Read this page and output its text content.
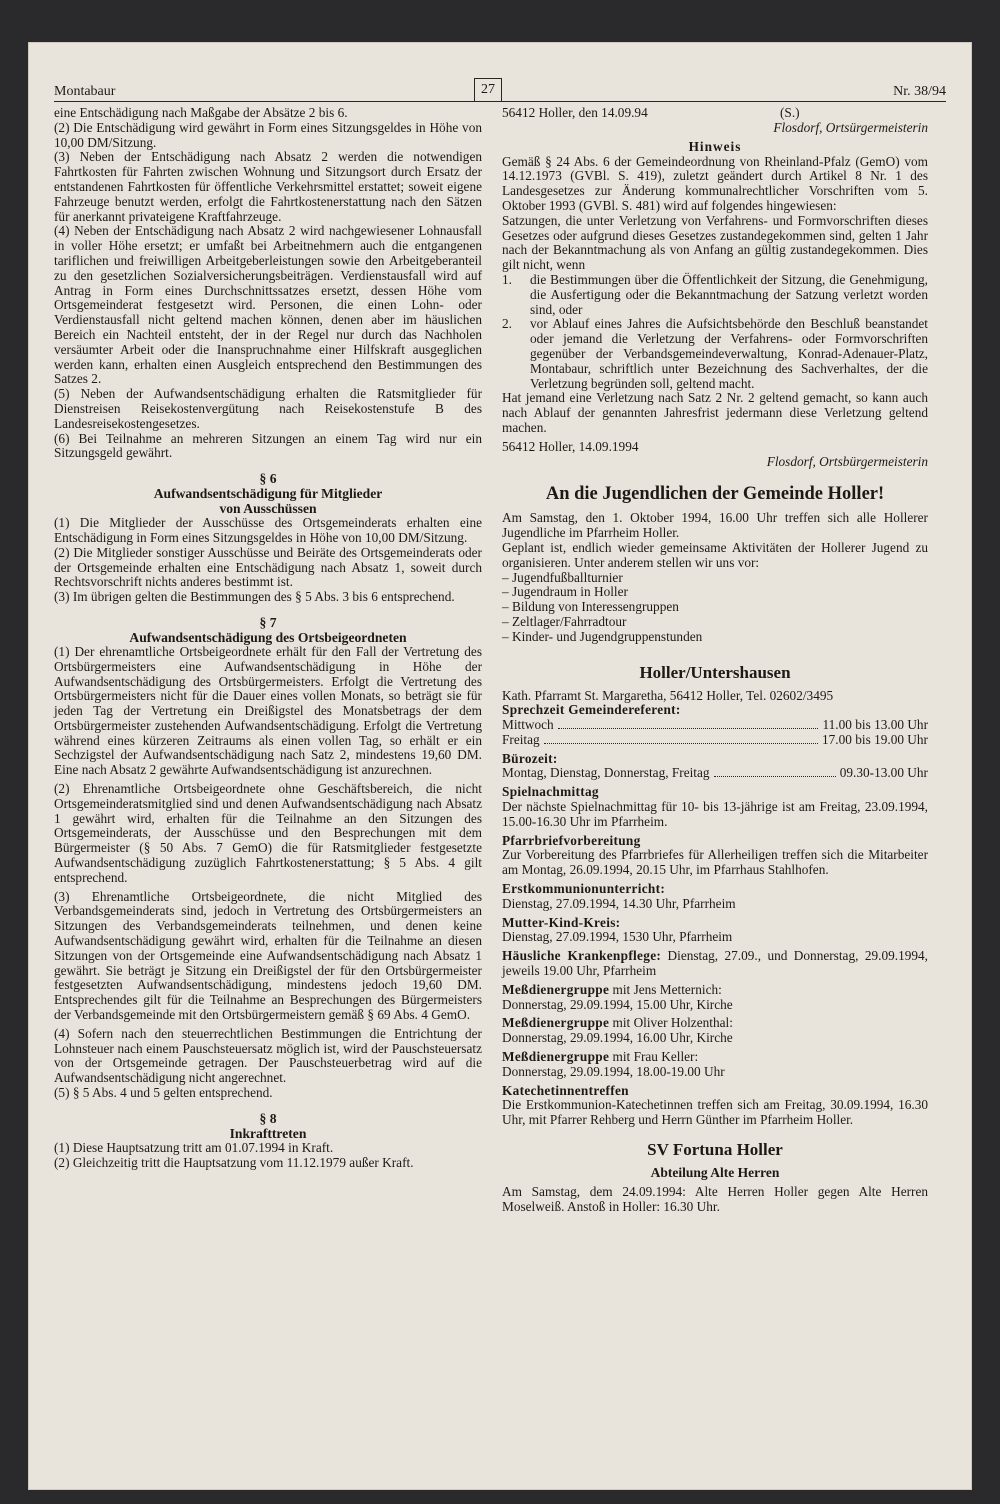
Montabaur	27	Nr. 38/94

eine Entschädigung nach Maßgabe der Absätze 2 bis 6.

(2) Die Entschädigung wird gewährt in Form eines Sitzungsgeldes in Höhe von 10,00 DM/Sitzung.

(3) Neben der Entschädigung nach Absatz 2 werden die notwendigen Fahrtkosten für Fahrten zwischen Wohnung und Sitzungsort durch Ersatz der entstandenen Fahrtkosten für öffentliche Verkehrsmittel erstattet; soweit eigene Fahrzeuge benutzt werden, erfolgt die Fahrtkostenerstattung nach den Sätzen für anerkannt privateigene Kraftfahrzeuge.

(4) Neben der Entschädigung nach Absatz 2 wird nachgewiesener Lohnausfall in voller Höhe ersetzt; er umfaßt bei Arbeitnehmern auch die entgangenen tariflichen und freiwilligen Arbeitgeberleistungen sowie den Arbeitgeberanteil zu den gesetzlichen Sozialversicherungsbeiträgen. Verdienstausfall wird auf Antrag in Form eines Durchschnittssatzes ersetzt, dessen Höhe vom Ortsgemeinderat festgesetzt wird. Personen, die einen Lohn- oder Verdienstausfall nicht geltend machen können, denen aber im häuslichen Bereich ein Nachteil entsteht, der in der Regel nur durch das Nachholen versäumter Arbeit oder die Inanspruchnahme einer Hilfskraft ausgeglichen werden kann, erhalten einen Ausgleich entsprechend den Bestimmungen des Satzes 2.

(5) Neben der Aufwandsentschädigung erhalten die Ratsmitglieder für Dienstreisen Reisekostenvergütung nach Reisekostenstufe B des Landesreisekostengesetzes.

(6) Bei Teilnahme an mehreren Sitzungen an einem Tag wird nur ein Sitzungsgeld gewährt.

§ 6
Aufwandsentschädigung für Mitglieder
von Ausschüssen

(1) Die Mitglieder der Ausschüsse des Ortsgemeinderats erhalten eine Entschädigung in Form eines Sitzungsgeldes in Höhe von 10,00 DM/Sitzung.

(2) Die Mitglieder sonstiger Ausschüsse und Beiräte des Ortsgemeinderats oder der Ortsgemeinde erhalten eine Entschädigung nach Absatz 1, soweit durch Rechtsvorschrift nichts anderes bestimmt ist.

(3) Im übrigen gelten die Bestimmungen des § 5 Abs. 3 bis 6 entsprechend.

§ 7
Aufwandsentschädigung des Ortsbeigeordneten

(1) Der ehrenamtliche Ortsbeigeordnete erhält für den Fall der Vertretung des Ortsbürgermeisters eine Aufwandsentschädigung in Höhe der Aufwandsentschädigung des Ortsbürgermeisters. Erfolgt die Vertretung des Ortsbürgermeisters nicht für die Dauer eines vollen Monats, so beträgt sie für jeden Tag der Vertretung ein Dreißigstel des Monatsbetrags der dem Ortsbürgermeister zustehenden Aufwandsentschädigung. Erfolgt die Vertretung während eines kürzeren Zeitraums als einen vollen Tag, so erhält er ein Sechzigstel der Aufwandsentschädigung nach Satz 2, mindestens 19,60 DM. Eine nach Absatz 2 gewährte Aufwandsentschädigung ist anzurechnen.

(2) Ehrenamtliche Ortsbeigeordnete ohne Geschäftsbereich, die nicht Ortsgemeinderatsmitglied sind und denen Aufwandsentschädigung nach Absatz 1 gewährt wird, erhalten für die Teilnahme an den Sitzungen des Ortsgemeinderats, der Ausschüsse und den Besprechungen mit dem Bürgermeister (§ 50 Abs. 7 GemO) die für Ratsmitglieder festgesetzte Aufwandsentschädigung zuzüglich Fahrtkostenerstattung; § 5 Abs. 4 gilt entsprechend.

(3) Ehrenamtliche Ortsbeigeordnete, die nicht Mitglied des Verbandsgemeinderats sind, jedoch in Vertretung des Ortsbürgermeisters an Sitzungen des Verbandsgemeinderats teilnehmen, und denen keine Aufwandsentschädigung gewährt wird, erhalten für die Teilnahme an diesen Sitzungen von der Ortsgemeinde eine Aufwandsentschädigung nach Absatz 1 gewährt. Sie beträgt je Sitzung ein Dreißigstel der für den Ortsbürgermeister festgesetzten Aufwandsentschädigung, mindestens jedoch 19,60 DM. Entsprechendes gilt für die Teilnahme an Besprechungen des Bürgermeisters der Verbandsgemeinde mit den Ortsbürgermeistern gemäß § 69 Abs. 4 GemO.

(4) Sofern nach den steuerrechtlichen Bestimmungen die Entrichtung der Lohnsteuer nach einem Pauschsteuersatz möglich ist, wird der Pauschsteuersatz von der Ortsgemeinde getragen. Der Pauschsteuerbetrag wird auf die Aufwandsentschädigung nicht angerechnet.

(5) § 5 Abs. 4 und 5 gelten entsprechend.

§ 8
Inkrafttreten

(1) Diese Hauptsatzung tritt am 01.07.1994 in Kraft.

(2) Gleichzeitig tritt die Hauptsatzung vom 11.12.1979 außer Kraft.

56412 Holler, den 14.09.94	(S.)
Flosdorf, Ortsürgermeisterin
Hinweis

Gemäß § 24 Abs. 6 der Gemeindeordnung von Rheinland-Pfalz (GemO) vom 14.12.1973 (GVBl. S. 419), zuletzt geändert durch Artikel 8 Nr. 1 des Landesgesetzes zur Änderung kommunalrechtlicher Vorschriften vom 5. Oktober 1993 (GVBl. S. 481) wird auf folgendes hingewiesen:

Satzungen, die unter Verletzung von Verfahrens- und Formvorschriften dieses Gesetzes oder aufgrund dieses Gesetzes zustandegekommen sind, gelten 1 Jahr nach der Bekanntmachung als von Anfang an gültig zustandegekommen. Dies gilt nicht, wenn

1. die Bestimmungen über die Öffentlichkeit der Sitzung, die Genehmigung, die Ausfertigung oder die Bekanntmachung der Satzung verletzt worden sind, oder
2. vor Ablauf eines Jahres die Aufsichtsbehörde den Beschluß beanstandet oder jemand die Verletzung der Verfahrens- oder Formvorschriften gegenüber der Verbandsgemeindeverwaltung, Konrad-Adenauer-Platz, Montabaur, schriftlich unter Bezeichnung des Sachverhaltes, der die Verletzung begründen soll, geltend macht.

Hat jemand eine Verletzung nach Satz 2 Nr. 2 geltend gemacht, so kann auch nach Ablauf der genannten Jahresfrist jedermann diese Verletzung geltend machen.

56412 Holler, 14.09.1994

Flosdorf, Ortsbürgermeisterin
An die Jugendlichen der Gemeinde Holler!

Am Samstag, den 1. Oktober 1994, 16.00 Uhr treffen sich alle Hollerer Jugendliche im Pfarrheim Holler.

Geplant ist, endlich wieder gemeinsame Aktivitäten der Hollerer Jugend zu organisieren. Unter anderem stellen wir uns vor:

– Jugendfußballturnier
– Jugendraum in Holler
– Bildung von Interessengruppen
– Zeltlager/Fahrradtour
– Kinder- und Jugendgruppenstunden
Holler/Untershausen

Kath. Pfarramt St. Margaretha, 56412 Holler, Tel. 02602/3495

Sprechzeit Gemeindereferent:
Mittwoch	11.00 bis 13.00 Uhr
Freitag	17.00 bis 19.00 Uhr
Bürozeit:
Montag, Dienstag, Donnerstag, Freitag	09.30-13.00 Uhr
Spielnachmittag

Der nächste Spielnachmittag für 10- bis 13-jährige ist am Freitag, 23.09.1994, 15.00-16.30 Uhr im Pfarrheim.

Pfarrbriefvorbereitung

Zur Vorbereitung des Pfarrbriefes für Allerheiligen treffen sich die Mitarbeiter am Montag, 26.09.1994, 20.15 Uhr, im Pfarrhaus Stahlhofen.

Erstkommunionunterricht:

Dienstag, 27.09.1994, 14.30 Uhr, Pfarrheim

Mutter-Kind-Kreis:

Dienstag, 27.09.1994, 1530 Uhr, Pfarrheim

Häusliche Krankenpflege: Dienstag, 27.09., und Donnerstag, 29.09.1994, jeweils 19.00 Uhr, Pfarrheim

Meßdienergruppe mit Jens Metternich:

Donnerstag, 29.09.1994, 15.00 Uhr, Kirche

Meßdienergruppe mit Oliver Holzenthal:

Donnerstag, 29.09.1994, 16.00 Uhr, Kirche

Meßdienergruppe mit Frau Keller:

Donnerstag, 29.09.1994, 18.00-19.00 Uhr

Katechetinnentreffen

Die Erstkommunion-Katechetinnen treffen sich am Freitag, 30.09.1994, 16.30 Uhr, mit Pfarrer Rehberg und Herrn Günther im Pfarrheim Holler.

SV Fortuna Holler
Abteilung Alte Herren

Am Samstag, dem 24.09.1994: Alte Herren Holler gegen Alte Herren Moselweiß. Anstoß in Holler: 16.30 Uhr.
